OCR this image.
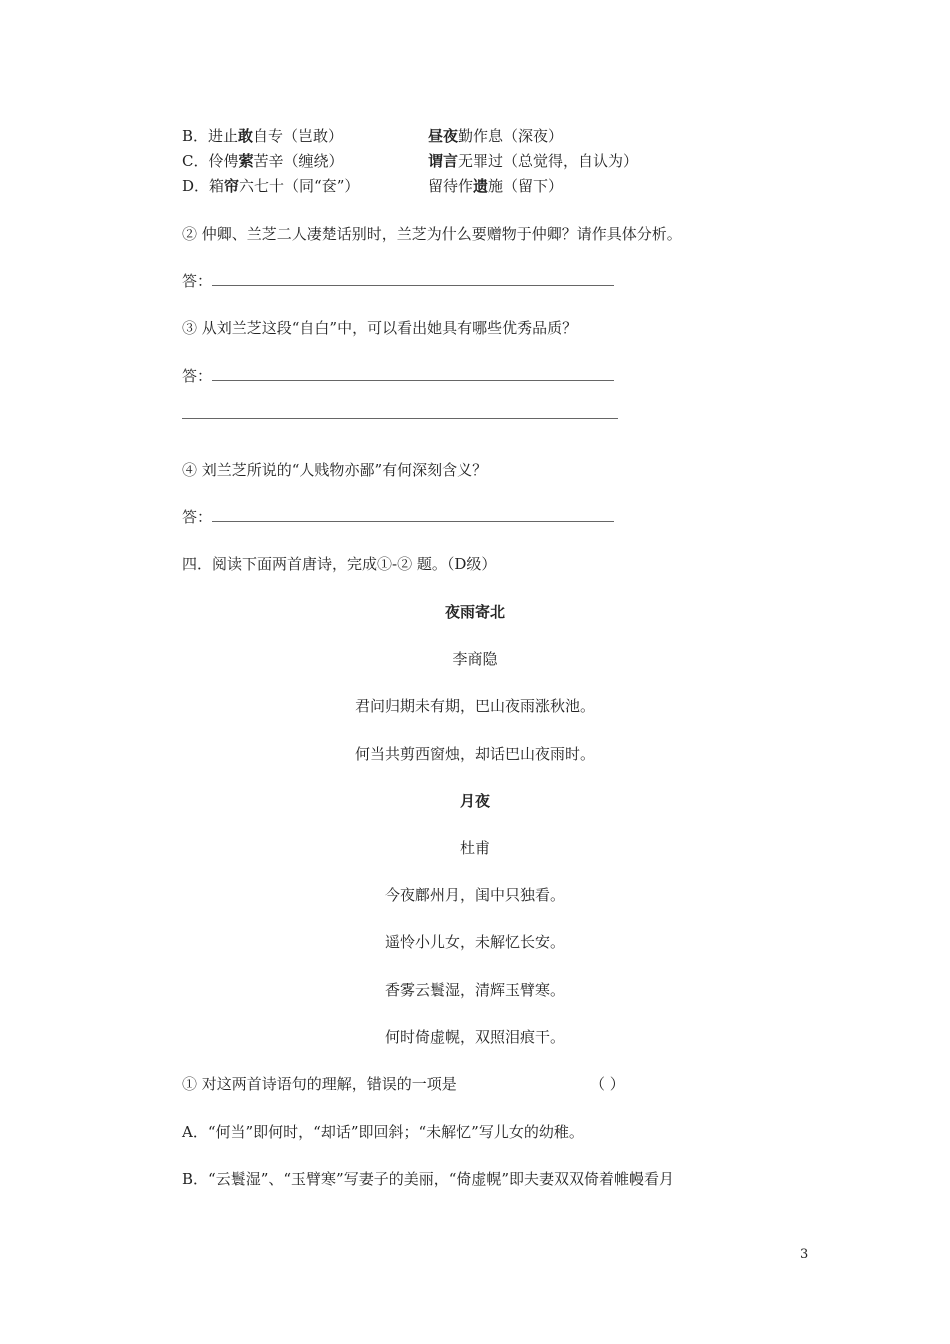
B．进止敢自专（岂敢）	昼夜勤作息（深夜）
C．伶俜萦苦辛（缠绕）	谓言无罪过（总觉得，自认为）
D．箱帘六七十（同“奁”）	留待作遗施（留下）
② 仲卿、兰芝二人凄楚话别时，兰芝为什么要赠物于仲卿？请作具体分析。
答：
③ 从刘兰芝这段“自白”中，可以看出她具有哪些优秀品质？
答：
④ 刘兰芝所说的“人贱物亦鄙”有何深刻含义？
答：
四．阅读下面两首唐诗，完成①-② 题。（D级）
夜雨寄北
李商隐
君问归期未有期，巴山夜雨涨秋池。
何当共剪西窗烛，却话巴山夜雨时。
月夜
杜甫
今夜鄜州月，闺中只独看。
遥怜小儿女，未解忆长安。
香雾云鬟湿，清辉玉臂寒。
何时倚虚幌，双照泪痕干。
① 对这两首诗语句的理解，错误的一项是	（ ）
A．“何当”即何时，“却话”即回斜；“未解忆”写儿女的幼稚。
B．“云鬟湿”、“玉臂寒”写妻子的美丽，“倚虚幌”即夫妻双双倚着帷幔看月
3
